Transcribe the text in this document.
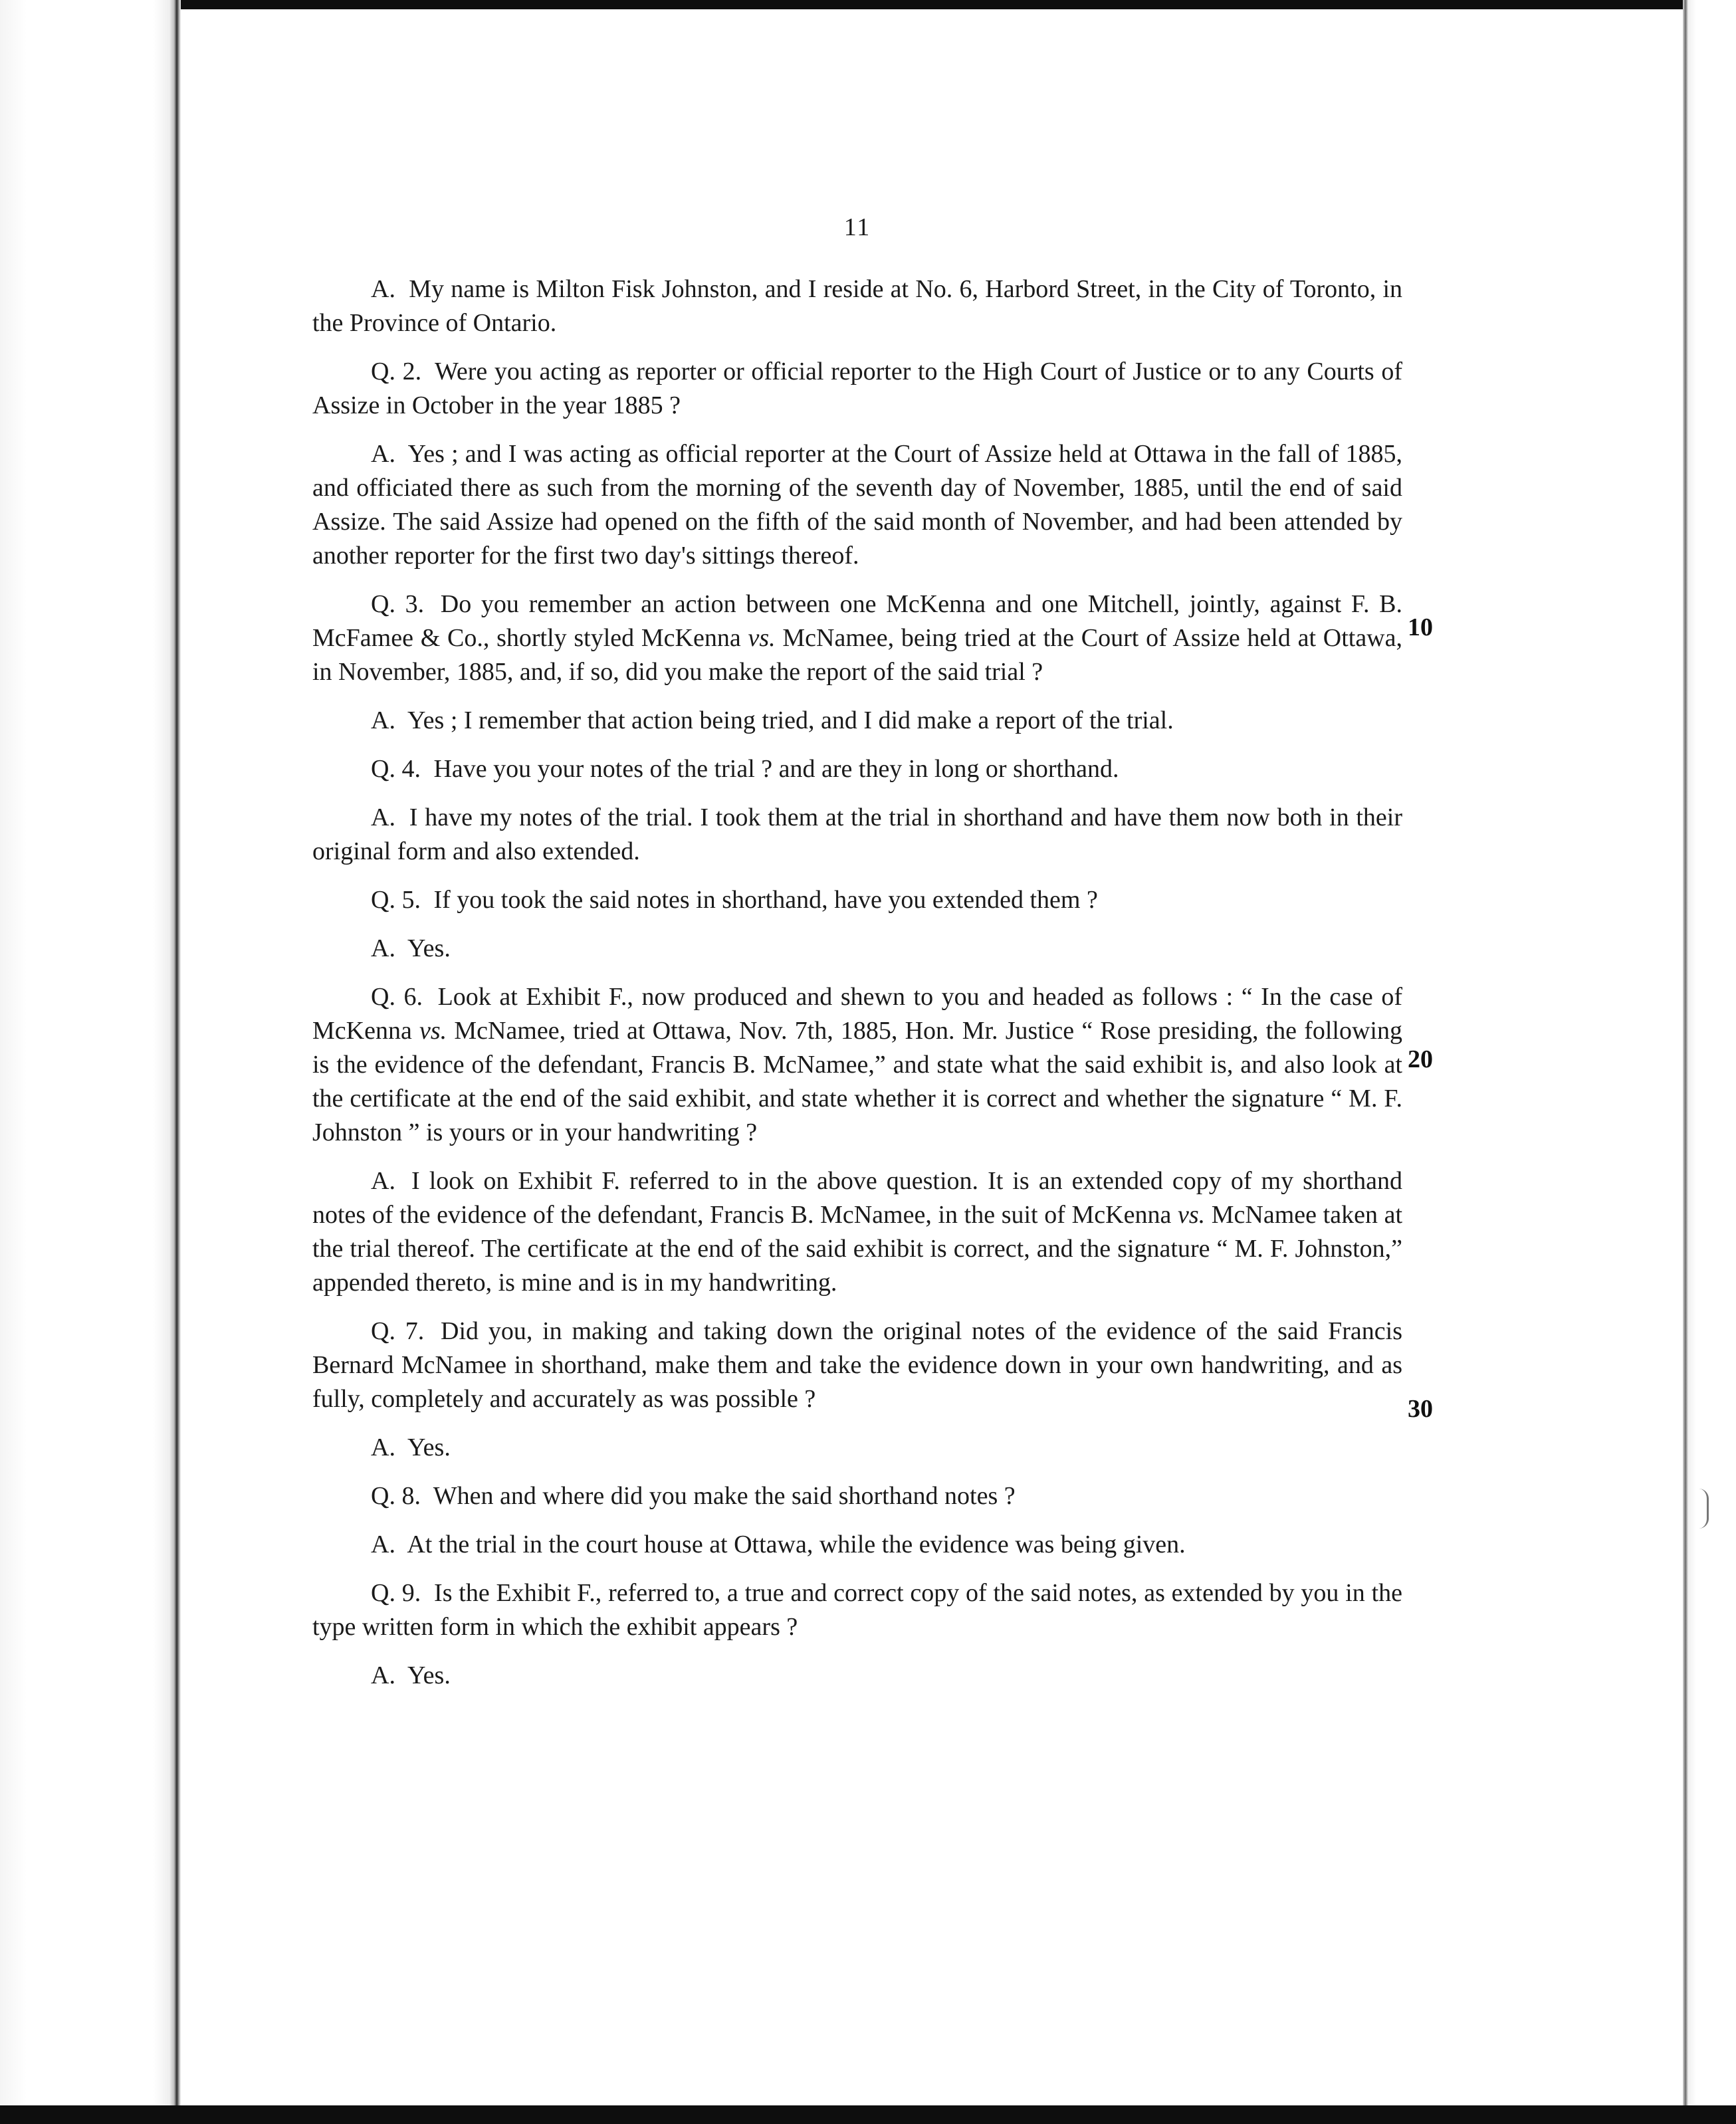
11

A. My name is Milton Fisk Johnston, and I reside at No. 6, Harbord Street, in the City of Toronto, in the Province of Ontario.

Q. 2. Were you acting as reporter or official reporter to the High Court of Justice or to any Courts of Assize in October in the year 1885 ?

A. Yes ; and I was acting as official reporter at the Court of Assize held at Ottawa in the fall of 1885, and officiated there as such from the morning of the seventh day of November, 1885, until the end of said Assize. The said Assize had opened on the fifth of the said month of November, and had been attended by another reporter for the first two day's sittings thereof.

Q. 3. Do you remember an action between one McKenna and one Mitchell, jointly, against F. B. McFamee & Co., shortly styled McKenna vs. McNamee, being tried at the Court of Assize held at Ottawa, in November, 1885, and, if so, did you make the report of the said trial ?

A. Yes ; I remember that action being tried, and I did make a report of the trial.

Q. 4. Have you your notes of the trial ? and are they in long or shorthand.

A. I have my notes of the trial. I took them at the trial in shorthand and have them now both in their original form and also extended.

Q. 5. If you took the said notes in shorthand, have you extended them ?

A. Yes.

Q. 6. Look at Exhibit F., now produced and shewn to you and headed as follows : “ In the case of McKenna vs. McNamee, tried at Ottawa, Nov. 7th, 1885, Hon. Mr. Justice “ Rose presiding, the following is the evidence of the defendant, Francis B. McNamee,” and state what the said exhibit is, and also look at the certificate at the end of the said exhibit, and state whether it is correct and whether the signature “ M. F. Johnston ” is yours or in your handwriting ?

A. I look on Exhibit F. referred to in the above question. It is an extended copy of my shorthand notes of the evidence of the defendant, Francis B. McNamee, in the suit of McKenna vs. McNamee taken at the trial thereof. The certificate at the end of the said exhibit is correct, and the signature “ M. F. Johnston,” appended thereto, is mine and is in my handwriting.

Q. 7. Did you, in making and taking down the original notes of the evidence of the said Francis Bernard McNamee in shorthand, make them and take the evidence down in your own handwriting, and as fully, completely and accurately as was possible ?

A. Yes.

Q. 8. When and where did you make the said shorthand notes ?

A. At the trial in the court house at Ottawa, while the evidence was being given.

Q. 9. Is the Exhibit F., referred to, a true and correct copy of the said notes, as extended by you in the type written form in which the exhibit appears ?

A. Yes.

10
20
30
